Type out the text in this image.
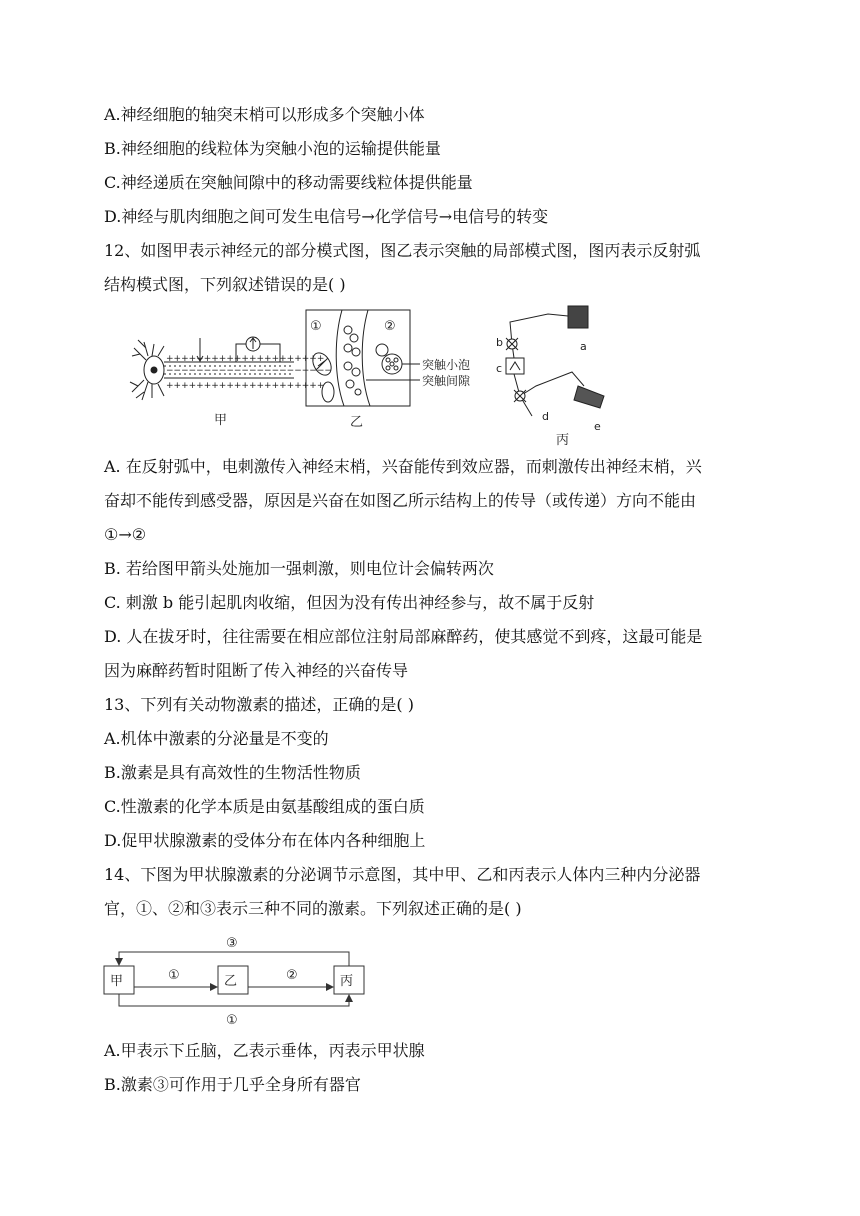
A.神经细胞的轴突末梢可以形成多个突触小体
B.神经细胞的线粒体为突触小泡的运输提供能量
C.神经递质在突触间隙中的移动需要线粒体提供能量
D.神经与肌肉细胞之间可发生电信号→化学信号→电信号的转变
12、如图甲表示神经元的部分模式图，图乙表示突触的局部模式图，图丙表示反射弧
结构模式图，下列叙述错误的是( )
+++++++++++++++++++++
−−−−−−−−−−−−−−−−−−−−−−
+++++++++++++++++++++
甲
①	②
突触小泡
突触间隙
乙
a
b
c
d
e
丙
A. 在反射弧中，电刺激传入神经末梢，兴奋能传到效应器，而刺激传出神经末梢，兴
奋却不能传到感受器，原因是兴奋在如图乙所示结构上的传导（或传递）方向不能由
①→②
B. 若给图甲箭头处施加一强刺激，则电位计会偏转两次
C. 刺激 b 能引起肌肉收缩，但因为没有传出神经参与，故不属于反射
D. 人在拔牙时，往往需要在相应部位注射局部麻醉药，使其感觉不到疼，这最可能是
因为麻醉药暂时阻断了传入神经的兴奋传导
13、下列有关动物激素的描述，正确的是( )
A.机体中激素的分泌量是不变的
B.激素是具有高效性的生物活性物质
C.性激素的化学本质是由氨基酸组成的蛋白质
D.促甲状腺激素的受体分布在体内各种细胞上
14、下图为甲状腺激素的分泌调节示意图，其中甲、乙和丙表示人体内三种内分泌器
官，①、②和③表示三种不同的激素。下列叙述正确的是( )
甲	乙	丙
③
①	②
①
A.甲表示下丘脑，乙表示垂体，丙表示甲状腺
B.激素③可作用于几乎全身所有器官
